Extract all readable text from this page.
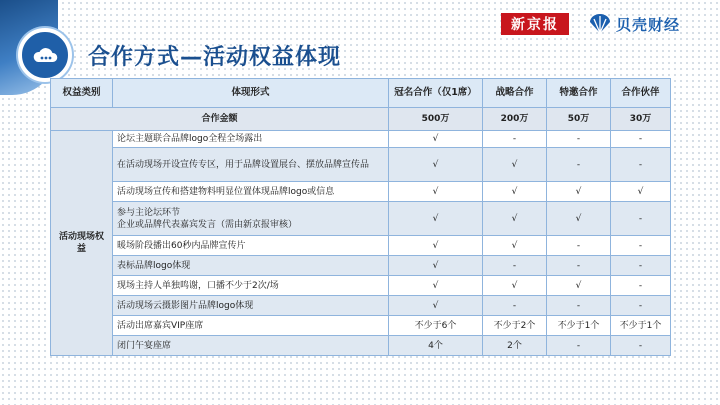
合作方式—活动权益体现
新京报	贝壳财经
权益类别	体现形式	冠名合作（仅1席）	战略合作	特邀合作	合作伙伴
合作金额		500万	200万	50万	30万
活动现场权益	论坛主题联合品牌logo全程全场露出	√	-	-	-
	在活动现场开设宣传专区，用于品牌设置展台、摆放品牌宣传品	√	√	-	-
	活动现场宣传和搭建物料明显位置体现品牌logo或信息	√	√	√	√
	参与主论坛环节
企业或品牌代表嘉宾发言（需由新京报审核）	√	√	√	-
	暖场阶段播出60秒内品牌宣传片	√	√	-	-
	表标品牌logo体现	√	-	-	-
	现场主持人单独鸣谢，口播不少于2次/场	√	√	√	-
	活动现场云摄影图片品牌logo体现	√	-	-	-
	活动出席嘉宾VIP座席	不少于6个	不少于2个	不少于1个	不少于1个
	闭门午宴座席	4个	2个	-	-
